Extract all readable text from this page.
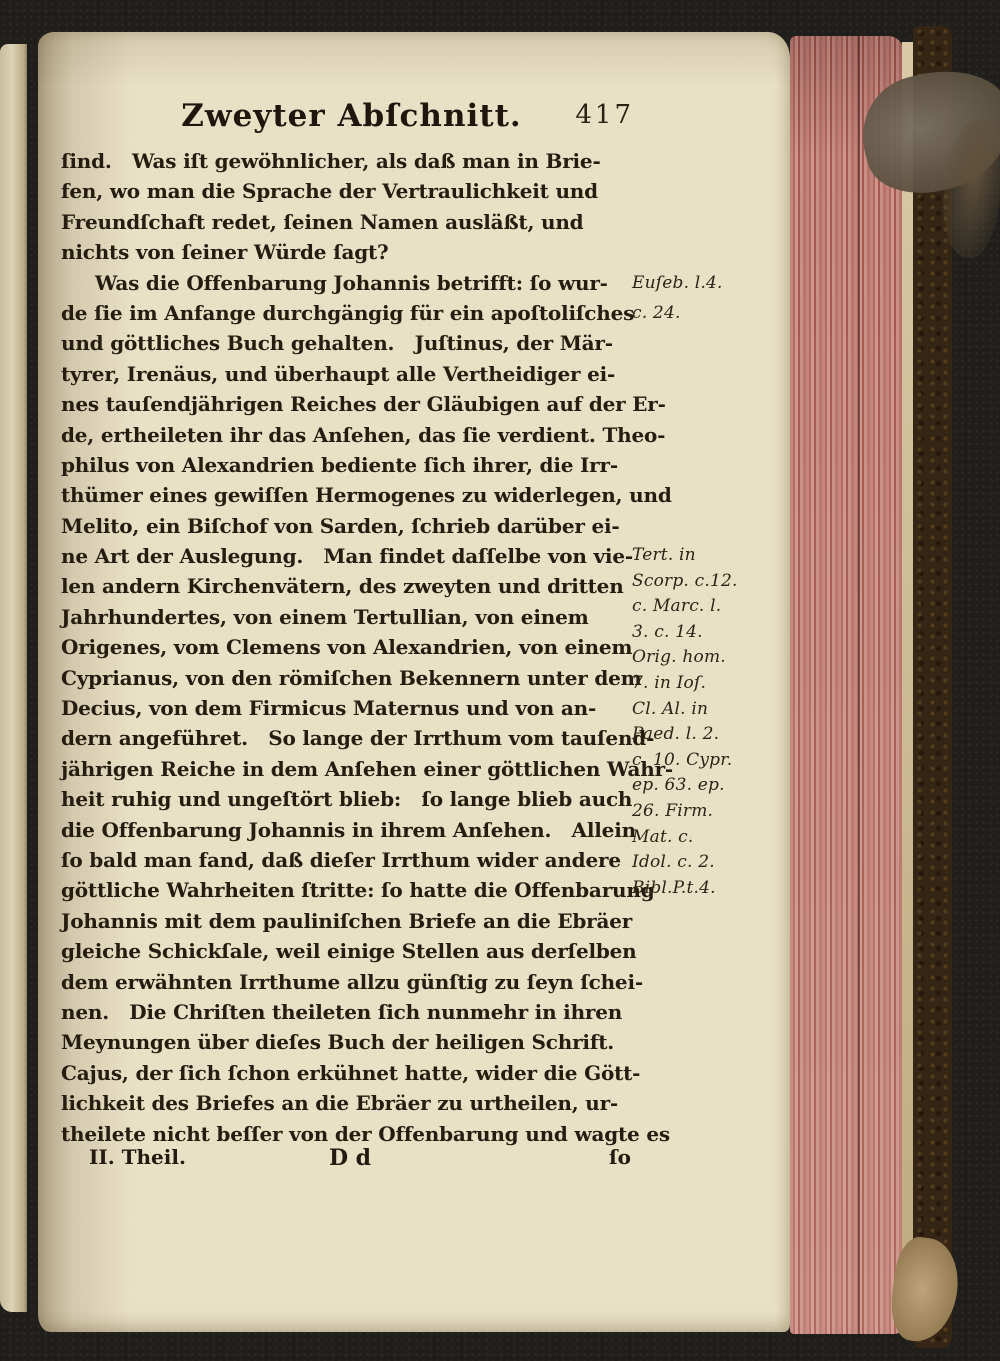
Zweyter Abſchnitt.	417
ſind.   Was iſt gewöhnlicher, als daß man in Brie-
fen, wo man die Sprache der Vertraulichkeit und
Freundſchaft redet, ſeinen Namen ausläßt, und
nichts von ſeiner Würde ſagt?
Was die Offenbarung Johannis betrifft: ſo wur-
de ſie im Anfange durchgängig für ein apoſtoliſches
und göttliches Buch gehalten.   Juſtinus, der Mär-
tyrer, Irenäus, und überhaupt alle Vertheidiger ei-
nes tauſendjährigen Reiches der Gläubigen auf der Er-
de, ertheileten ihr das Anſehen, das ſie verdient. Theo-
philus von Alexandrien bediente ſich ihrer, die Irr-
thümer eines gewiſſen Hermogenes zu widerlegen, und
Melito, ein Biſchof von Sarden, ſchrieb darüber ei-
ne Art der Auslegung.   Man findet daſſelbe von vie-
len andern Kirchenvätern, des zweyten und dritten
Jahrhundertes, von einem Tertullian, von einem
Origenes, vom Clemens von Alexandrien, von einem
Cyprianus, von den römiſchen Bekennern unter dem
Decius, von dem Firmicus Maternus und von an-
dern angeführet.   So lange der Irrthum vom tauſend-
jährigen Reiche in dem Anſehen einer göttlichen Wahr-
heit ruhig und ungeſtört blieb:   ſo lange blieb auch
die Offenbarung Johannis in ihrem Anſehen.   Allein
ſo bald man fand, daß dieſer Irrthum wider andere
göttliche Wahrheiten ſtritte: ſo hatte die Offenbarung
Johannis mit dem pauliniſchen Briefe an die Ebräer
gleiche Schickſale, weil einige Stellen aus derſelben
dem erwähnten Irrthume allzu günſtig zu ſeyn ſchei-
nen.   Die Chriſten theileten ſich nunmehr in ihren
Meynungen über dieſes Buch der heiligen Schrift.
Cajus, der ſich ſchon erkühnet hatte, wider die Gött-
lichkeit des Briefes an die Ebräer zu urtheilen, ur-
theilete nicht beſſer von der Offenbarung und wagte es
Euſeb. l.4.
c. 24.
Tert. in
Scorp. c.12.
c. Marc. l.
3. c. 14.
Orig. hom.
7. in Ioſ.
Cl. Al. in
Paed. l. 2.
c. 10. Cypr.
ep. 63. ep.
26. Firm.
Mat. c.
Idol. c. 2.
Bibl.P.t.4.
II. Theil.	D d	ſo
